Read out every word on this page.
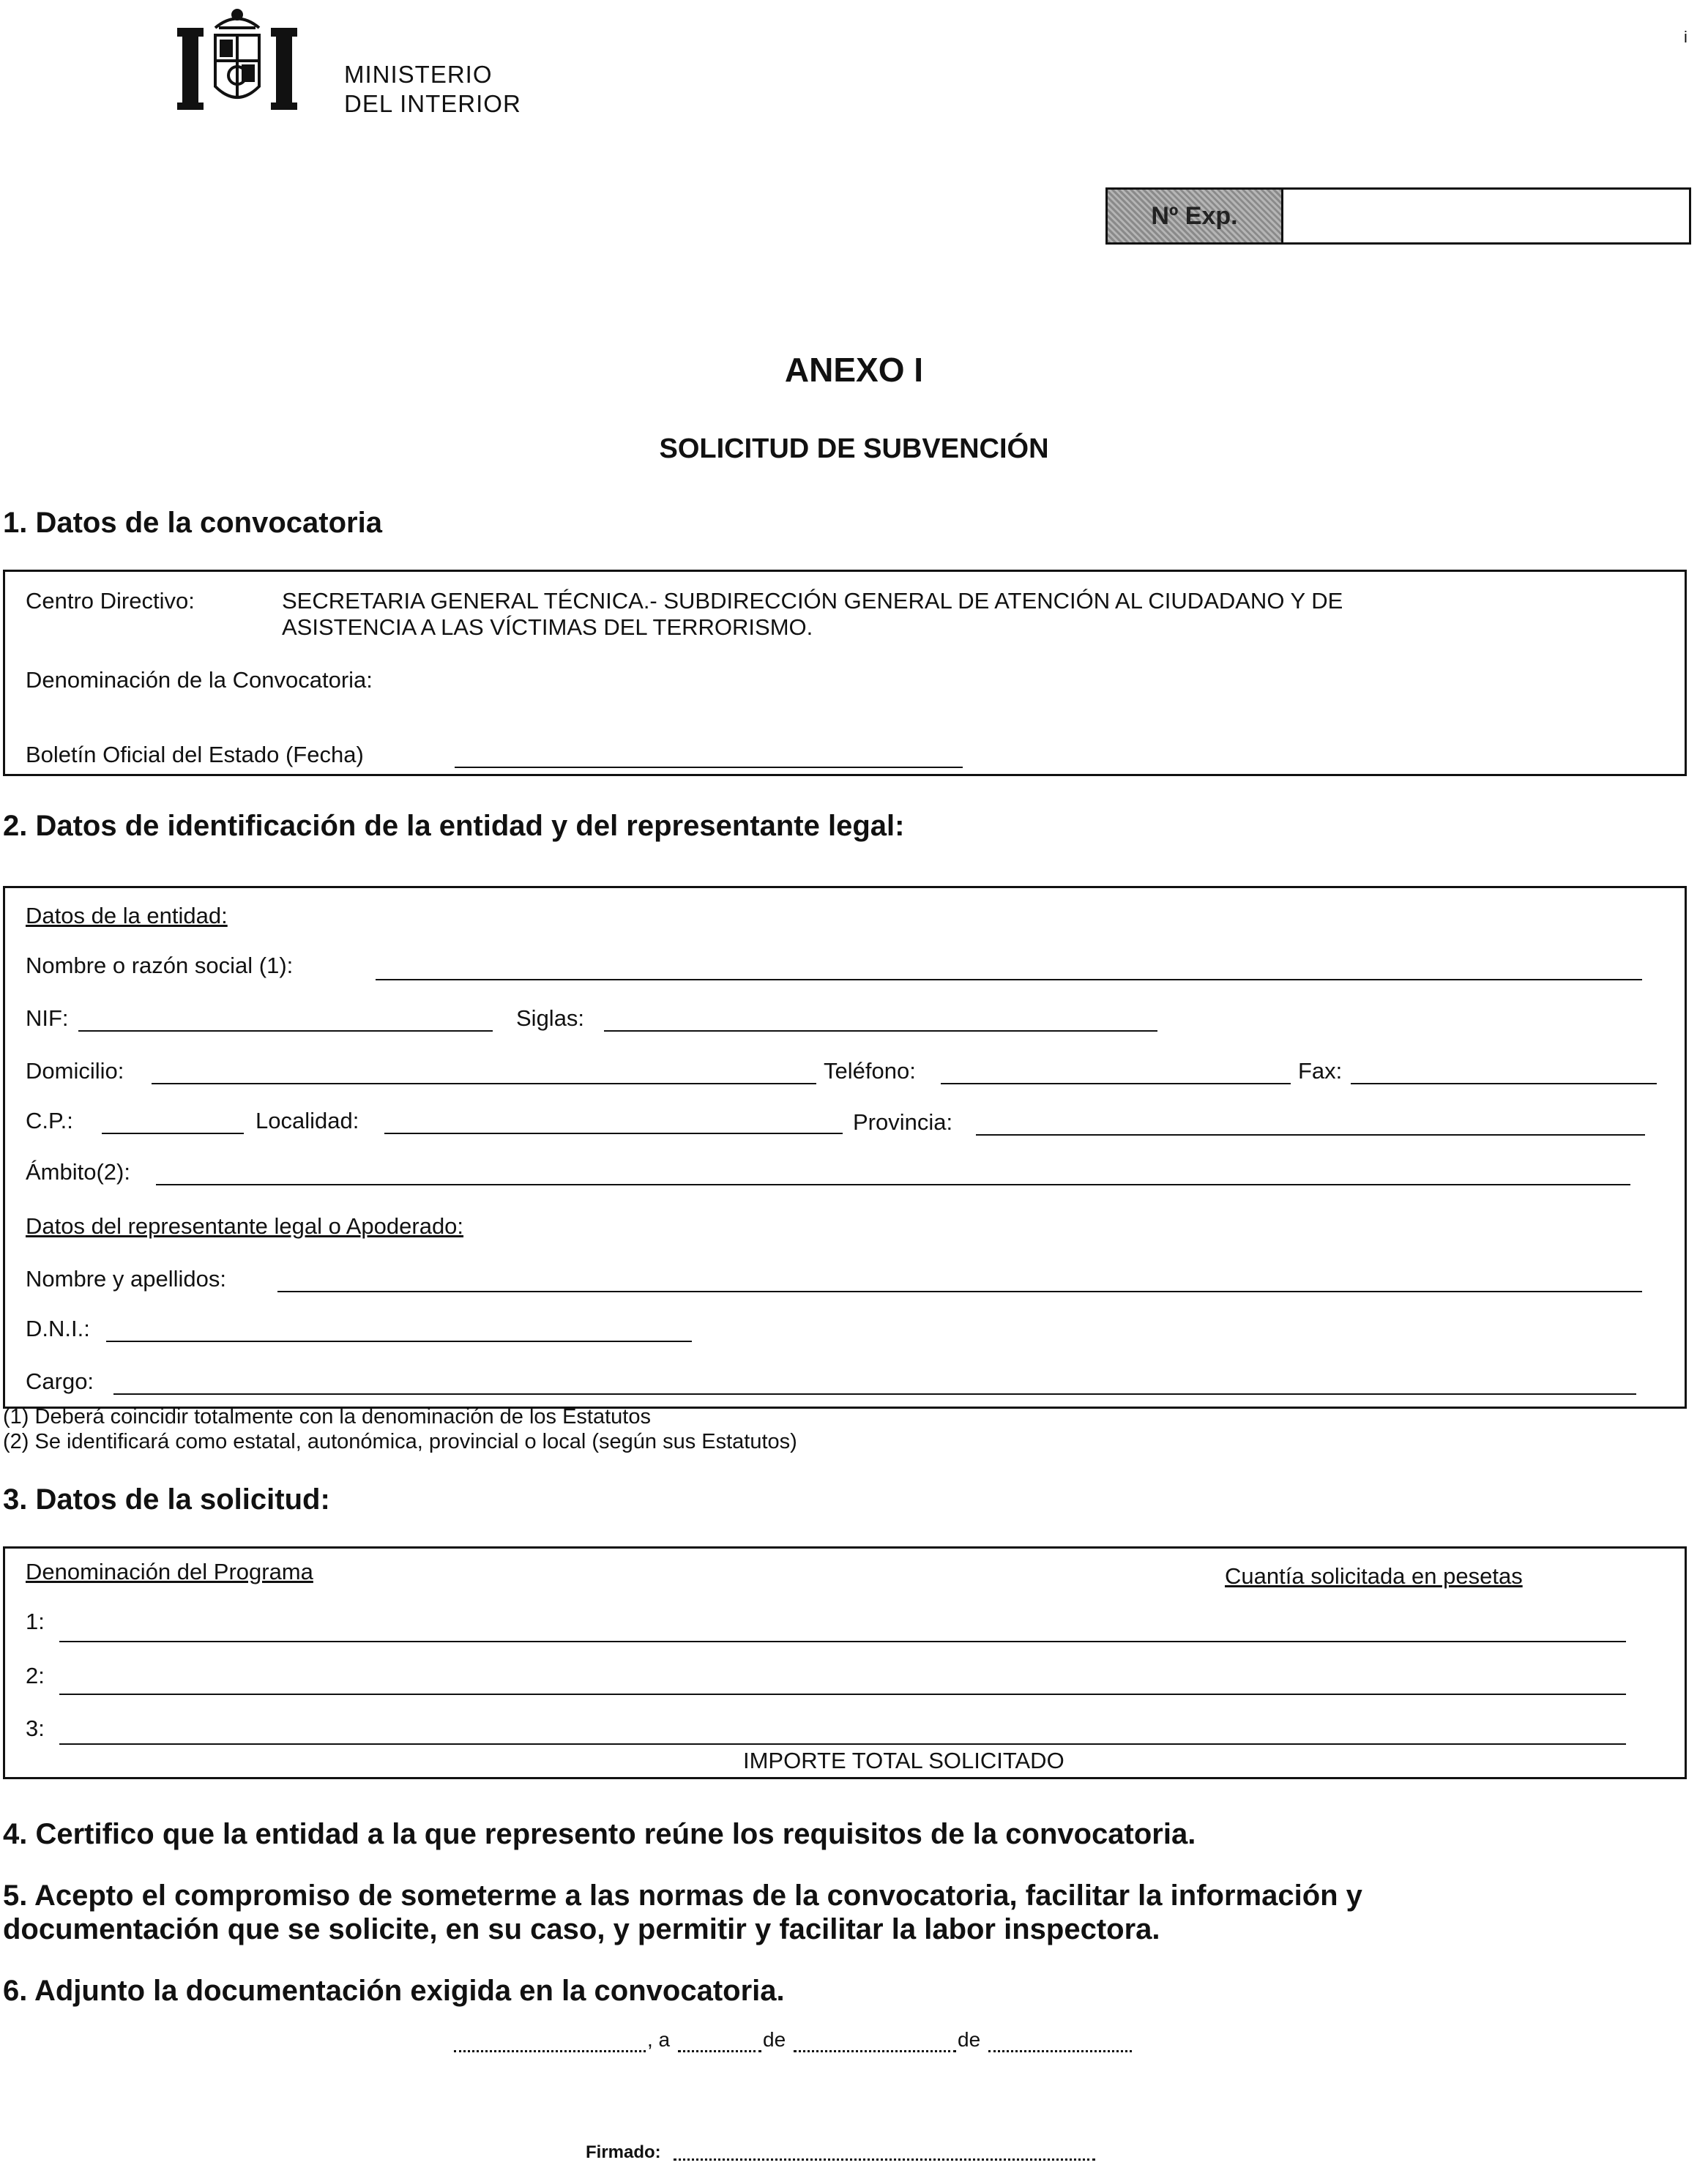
MINISTERIO
DEL INTERIOR
i
Nº Exp.
ANEXO I
SOLICITUD DE SUBVENCIÓN
1. Datos de la convocatoria
Centro Directivo:	SECRETARIA GENERAL TÉCNICA.- SUBDIRECCIÓN GENERAL DE ATENCIÓN AL CIUDADANO Y DE
ASISTENCIA A LAS VÍCTIMAS DEL TERRORISMO.
Denominación de la Convocatoria:
Boletín Oficial del Estado (Fecha)
2. Datos de identificación de la entidad y del representante legal:
Datos de la entidad:
Nombre o razón social (1):
NIF:	Siglas:
Domicilio:	Teléfono:	Fax:
C.P.:	Localidad:	Provincia:
Ámbito(2):
Datos del representante legal o Apoderado:
Nombre y apellidos:
D.N.I.:
Cargo:
(1) Deberá coincidir totalmente con la denominación de los Estatutos
(2) Se identificará como estatal, autonómica, provincial o local (según sus Estatutos)
3. Datos de la solicitud:
Denominación del Programa	Cuantía solicitada en pesetas
1:
2:
3:
IMPORTE TOTAL SOLICITADO
4. Certifico que la entidad a la que represento reúne los requisitos de la convocatoria.
5. Acepto el compromiso de someterme a las normas de la convocatoria, facilitar la información y
documentación que se solicite, en su caso, y permitir y facilitar la labor inspectora.
6. Adjunto la documentación exigida en la convocatoria.
, a	de	de
Firmado:
